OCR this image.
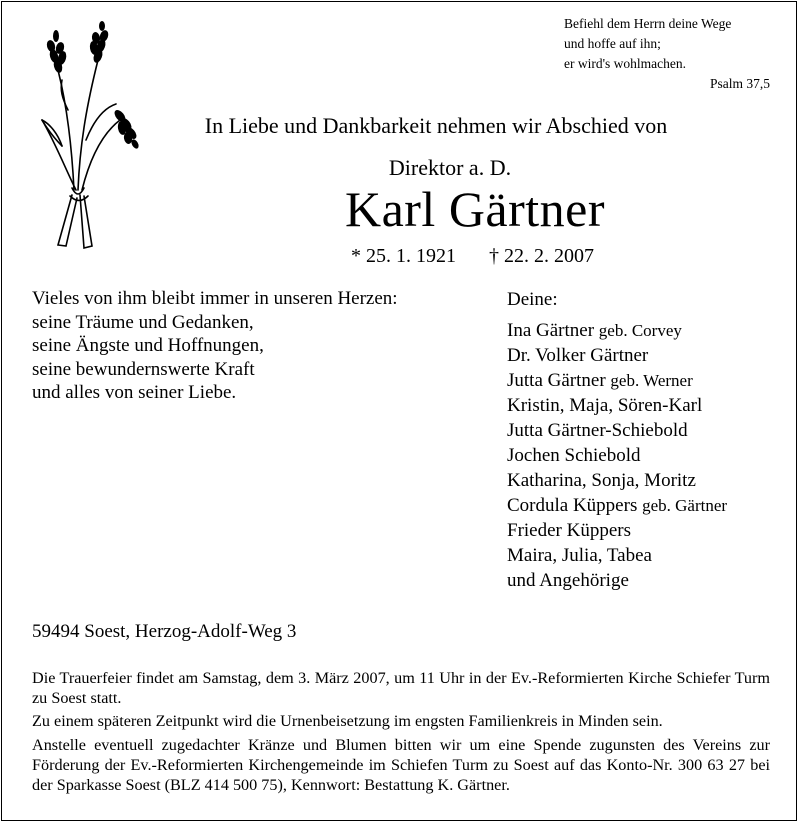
Befiehl dem Herrn deine Wege
und hoffe auf ihn;
er wird's wohlmachen.
Psalm 37,5
In Liebe und Dankbarkeit nehmen wir Abschied von
Direktor a. D.
Karl Gärtner
* 25. 1. 1921 † 22. 2. 2007
Vieles von ihm bleibt immer in unseren Herzen:
seine Träume und Gedanken,
seine Ängste und Hoffnungen,
seine bewundernswerte Kraft
und alles von seiner Liebe.
Deine:
Ina Gärtner geb. Corvey
Dr. Volker Gärtner
Jutta Gärtner geb. Werner
Kristin, Maja, Sören-Karl
Jutta Gärtner-Schiebold
Jochen Schiebold
Katharina, Sonja, Moritz
Cordula Küppers geb. Gärtner
Frieder Küppers
Maira, Julia, Tabea
und Angehörige
59494 Soest, Herzog-Adolf-Weg 3

Die Trauerfeier findet am Samstag, dem 3. März 2007, um 11 Uhr in der Ev.-Reformierten Kirche Schiefer Turm zu Soest statt.

Zu einem späteren Zeitpunkt wird die Urnenbeisetzung im engsten Familienkreis in Minden sein.

Anstelle eventuell zugedachter Kränze und Blumen bitten wir um eine Spende zugunsten des Vereins zur Förderung der Ev.-Reformierten Kirchengemeinde im Schiefen Turm zu Soest auf das Konto-Nr. 300 63 27 bei der Sparkasse Soest (BLZ 414 500 75), Kennwort: Bestattung K. Gärtner.
